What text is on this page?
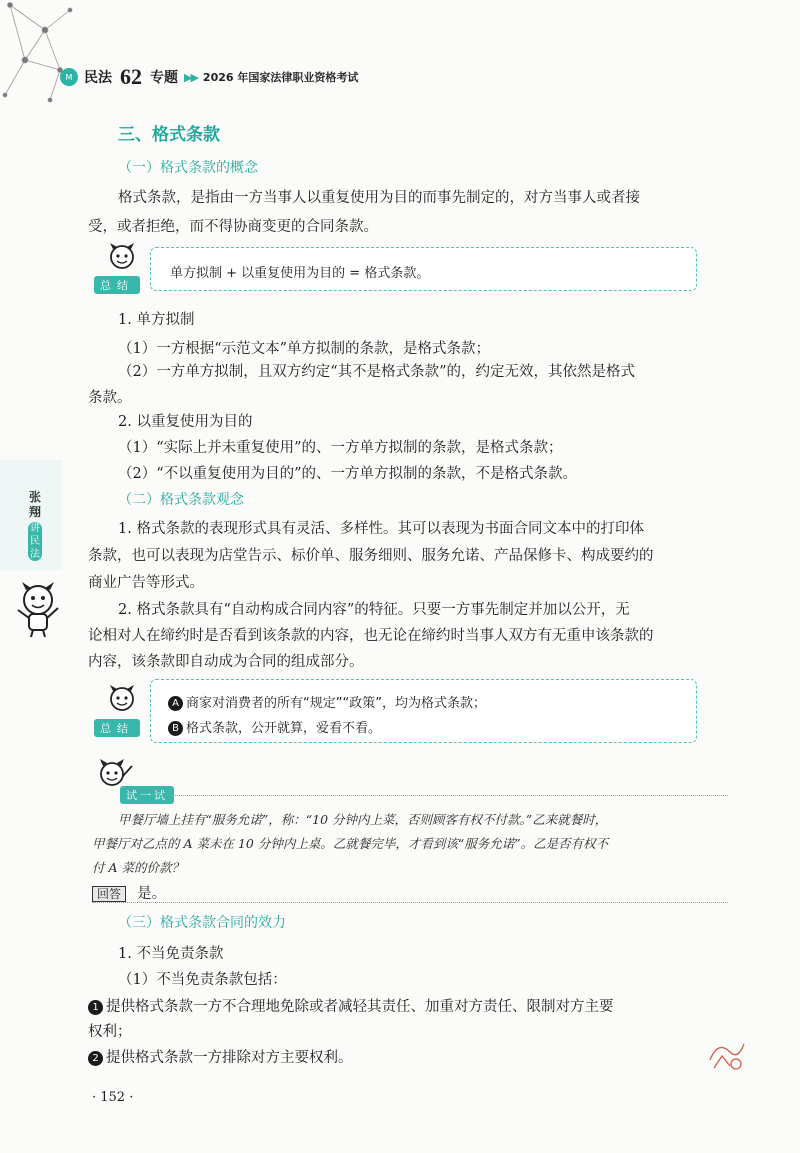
M 民法 62 专题 ▶▶ 2026 年国家法律职业资格考试
张翔
讲民法
三、格式条款
（一）格式条款的概念
格式条款，是指由一方当事人以重复使用为目的而事先制定的，对方当事人或者接
受，或者拒绝，而不得协商变更的合同条款。
总结
单方拟制 + 以重复使用为目的 = 格式条款。
1. 单方拟制
（1）一方根据“示范文本”单方拟制的条款，是格式条款；
（2）一方单方拟制，且双方约定“其不是格式条款”的，约定无效，其依然是格式
条款。
2. 以重复使用为目的
（1）“实际上并未重复使用”的、一方单方拟制的条款，是格式条款；
（2）“不以重复使用为目的”的、一方单方拟制的条款，不是格式条款。
（二）格式条款观念
1. 格式条款的表现形式具有灵活、多样性。其可以表现为书面合同文本中的打印体
条款，也可以表现为店堂告示、标价单、服务细则、服务允诺、产品保修卡、构成要约的
商业广告等形式。
2. 格式条款具有“自动构成合同内容”的特征。只要一方事先制定并加以公开，无
论相对人在缔约时是否看到该条款的内容，也无论在缔约时当事人双方有无重申该条款的
内容，该条款即自动成为合同的组成部分。
总结
A 商家对消费者的所有“规定”“政策”，均为格式条款；
B 格式条款，公开就算，爱看不看。
试一试
甲餐厅墙上挂有“服务允诺”，称：“10 分钟内上菜，否则顾客有权不付款。”乙来就餐时，
甲餐厅对乙点的 A 菜未在 10 分钟内上桌。乙就餐完毕，才看到该“服务允诺”。乙是否有权不
付 A 菜的价款？
回答 是。
（三）格式条款合同的效力
1. 不当免责条款
（1）不当免责条款包括：
1 提供格式条款一方不合理地免除或者减轻其责任、加重对方责任、限制对方主要
权利；
2 提供格式条款一方排除对方主要权利。
· 152 ·
